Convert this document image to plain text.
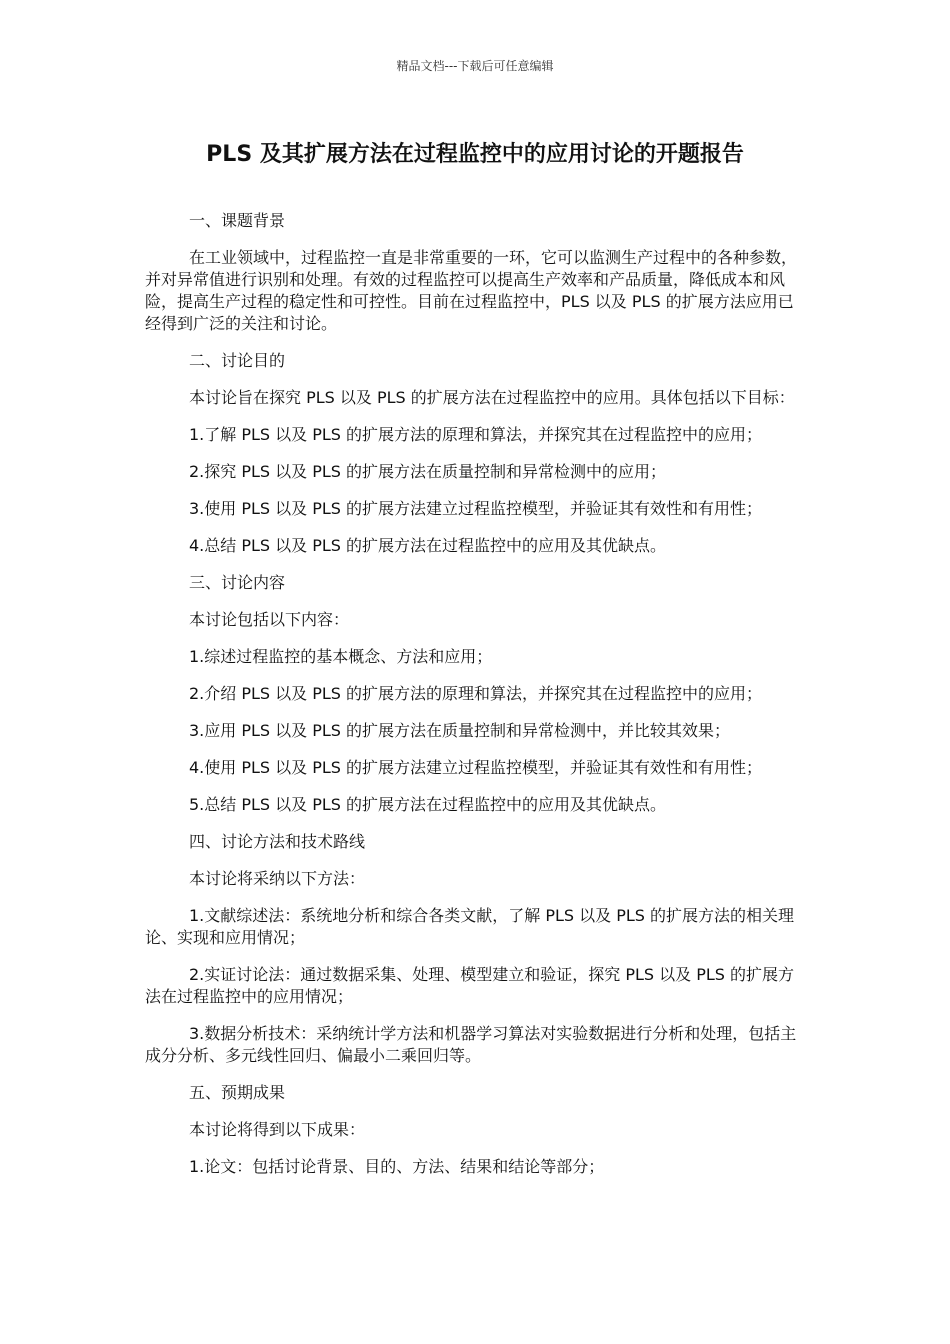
精品文档---下载后可任意编辑
PLS 及其扩展方法在过程监控中的应用讨论的开题报告

一、课题背景

在工业领域中，过程监控一直是非常重要的一环，它可以监测生产过程中的各种参数，并对异常值进行识别和处理。有效的过程监控可以提高生产效率和产品质量，降低成本和风险，提高生产过程的稳定性和可控性。目前在过程监控中，PLS 以及 PLS 的扩展方法应用已经得到广泛的关注和讨论。

二、讨论目的

本讨论旨在探究 PLS 以及 PLS 的扩展方法在过程监控中的应用。具体包括以下目标：

1.了解 PLS 以及 PLS 的扩展方法的原理和算法，并探究其在过程监控中的应用；

2.探究 PLS 以及 PLS 的扩展方法在质量控制和异常检测中的应用；

3.使用 PLS 以及 PLS 的扩展方法建立过程监控模型，并验证其有效性和有用性；

4.总结 PLS 以及 PLS 的扩展方法在过程监控中的应用及其优缺点。

三、讨论内容

本讨论包括以下内容：

1.综述过程监控的基本概念、方法和应用；

2.介绍 PLS 以及 PLS 的扩展方法的原理和算法，并探究其在过程监控中的应用；

3.应用 PLS 以及 PLS 的扩展方法在质量控制和异常检测中，并比较其效果；

4.使用 PLS 以及 PLS 的扩展方法建立过程监控模型，并验证其有效性和有用性；

5.总结 PLS 以及 PLS 的扩展方法在过程监控中的应用及其优缺点。

四、讨论方法和技术路线

本讨论将采纳以下方法：

1.文献综述法：系统地分析和综合各类文献，了解 PLS 以及 PLS 的扩展方法的相关理论、实现和应用情况；

2.实证讨论法：通过数据采集、处理、模型建立和验证，探究 PLS 以及 PLS 的扩展方法在过程监控中的应用情况；

3.数据分析技术：采纳统计学方法和机器学习算法对实验数据进行分析和处理，包括主成分分析、多元线性回归、偏最小二乘回归等。

五、预期成果

本讨论将得到以下成果：

1.论文：包括讨论背景、目的、方法、结果和结论等部分；
